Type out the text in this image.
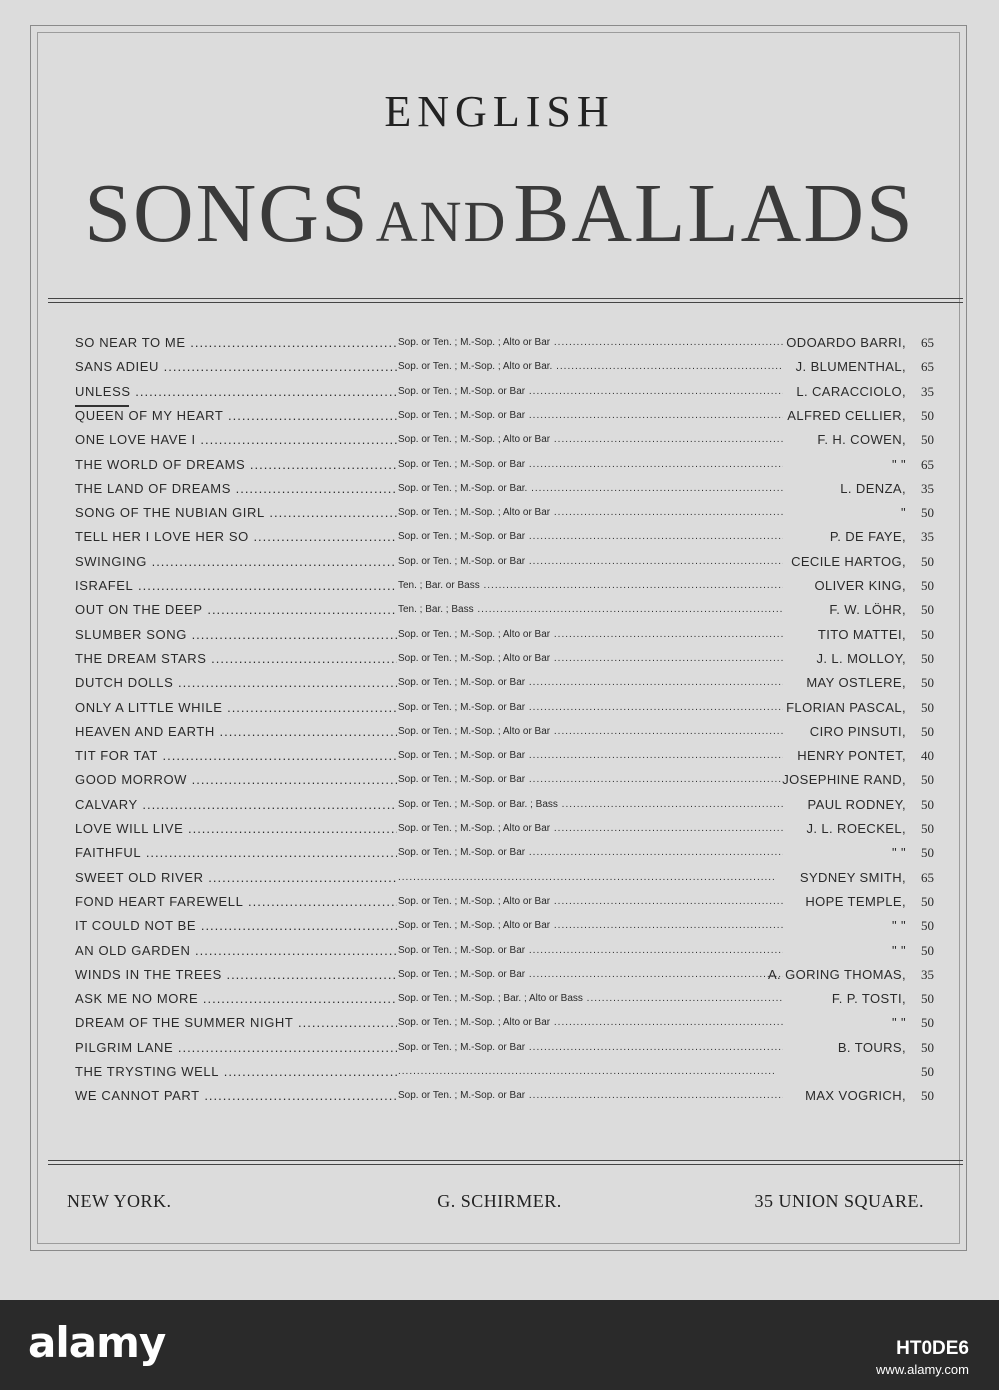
ENGLISH
SONGS AND BALLADS
SO NEAR TO ME .....	Sop. or Ten. ; M.-Sop. ; Alto or Bar .....	ODOARDO BARRI, 65
SANS ADIEU .....	Sop. or Ten. ; M.-Sop. ; Alto or Bar. .....	J. BLUMENTHAL, 65
UNLESS .....	Sop. or Ten. ; M.-Sop. or Bar .....	L. CARACCIOLO, 35
QUEEN OF MY HEART .....	Sop. or Ten. ; M.-Sop. or Bar .....	ALFRED CELLIER, 50
ONE LOVE HAVE I .....	Sop. or Ten. ; M.-Sop. ; Alto or Bar .....	F. H. COWEN, 50
THE WORLD OF DREAMS .....	Sop. or Ten. ; M.-Sop. or Bar .....	" " 65
THE LAND OF DREAMS .....	Sop. or Ten. ; M.-Sop. or Bar. .....	L. DENZA, 35
SONG OF THE NUBIAN GIRL .....	Sop. or Ten. ; M.-Sop. ; Alto or Bar .....	" 50
TELL HER I LOVE HER SO .....	Sop. or Ten. ; M.-Sop. or Bar .....	P. DE FAYE, 35
SWINGING .....	Sop. or Ten. ; M.-Sop. or Bar .....	CECILE HARTOG, 50
ISRAFEL .....	Ten. ; Bar. or Bass .....	OLIVER KING, 50
OUT ON THE DEEP .....	Ten. ; Bar. ; Bass .....	F. W. LÖHR, 50
SLUMBER SONG .....	Sop. or Ten. ; M.-Sop. ; Alto or Bar .....	TITO MATTEI, 50
THE DREAM STARS .....	Sop. or Ten. ; M.-Sop. ; Alto or Bar .....	J. L. MOLLOY, 50
DUTCH DOLLS .....	Sop. or Ten. ; M.-Sop. or Bar .....	MAY OSTLERE, 50
ONLY A LITTLE WHILE .....	Sop. or Ten. ; M.-Sop. or Bar .....	FLORIAN PASCAL, 50
HEAVEN AND EARTH .....	Sop. or Ten. ; M.-Sop. ; Alto or Bar .....	CIRO PINSUTI, 50
TIT FOR TAT .....	Sop. or Ten. ; M.-Sop. or Bar .....	HENRY PONTET, 40
GOOD MORROW .....	Sop. or Ten. ; M.-Sop. or Bar .....	JOSEPHINE RAND, 50
CALVARY .....	Sop. or Ten. ; M.-Sop. or Bar. ; Bass .....	PAUL RODNEY, 50
LOVE WILL LIVE .....	Sop. or Ten. ; M.-Sop. ; Alto or Bar .....	J. L. ROECKEL, 50
FAITHFUL .....	Sop. or Ten. ; M.-Sop. or Bar .....	" " 50
SWEET OLD RIVER ..... .....	SYDNEY SMITH, 65
FOND HEART FAREWELL .....	Sop. or Ten. ; M.-Sop. ; Alto or Bar .....	HOPE TEMPLE, 50
IT COULD NOT BE .....	Sop. or Ten. ; M.-Sop. ; Alto or Bar .....	" " 50
AN OLD GARDEN .....	Sop. or Ten. ; M.-Sop. or Bar .....	" " 50
WINDS IN THE TREES .....	Sop. or Ten. ; M.-Sop. or Bar .....	A. GORING THOMAS, 35
ASK ME NO MORE .....	Sop. or Ten. ; M.-Sop. ; Bar. ; Alto or Bass .....	F. P. TOSTI, 50
DREAM OF THE SUMMER NIGHT .....	Sop. or Ten. ; M.-Sop. ; Alto or Bar .....	" " 50
PILGRIM LANE .....	Sop. or Ten. ; M.-Sop. or Bar .....	B. TOURS, 50
THE TRYSTING WELL ..... .....	50
WE CANNOT PART .....	Sop. or Ten. ; M.-Sop. or Bar .....	MAX VOGRICH, 50
NEW YORK.	G. SCHIRMER.	35 UNION SQUARE.
alamy	HT0DE6
www.alamy.com
